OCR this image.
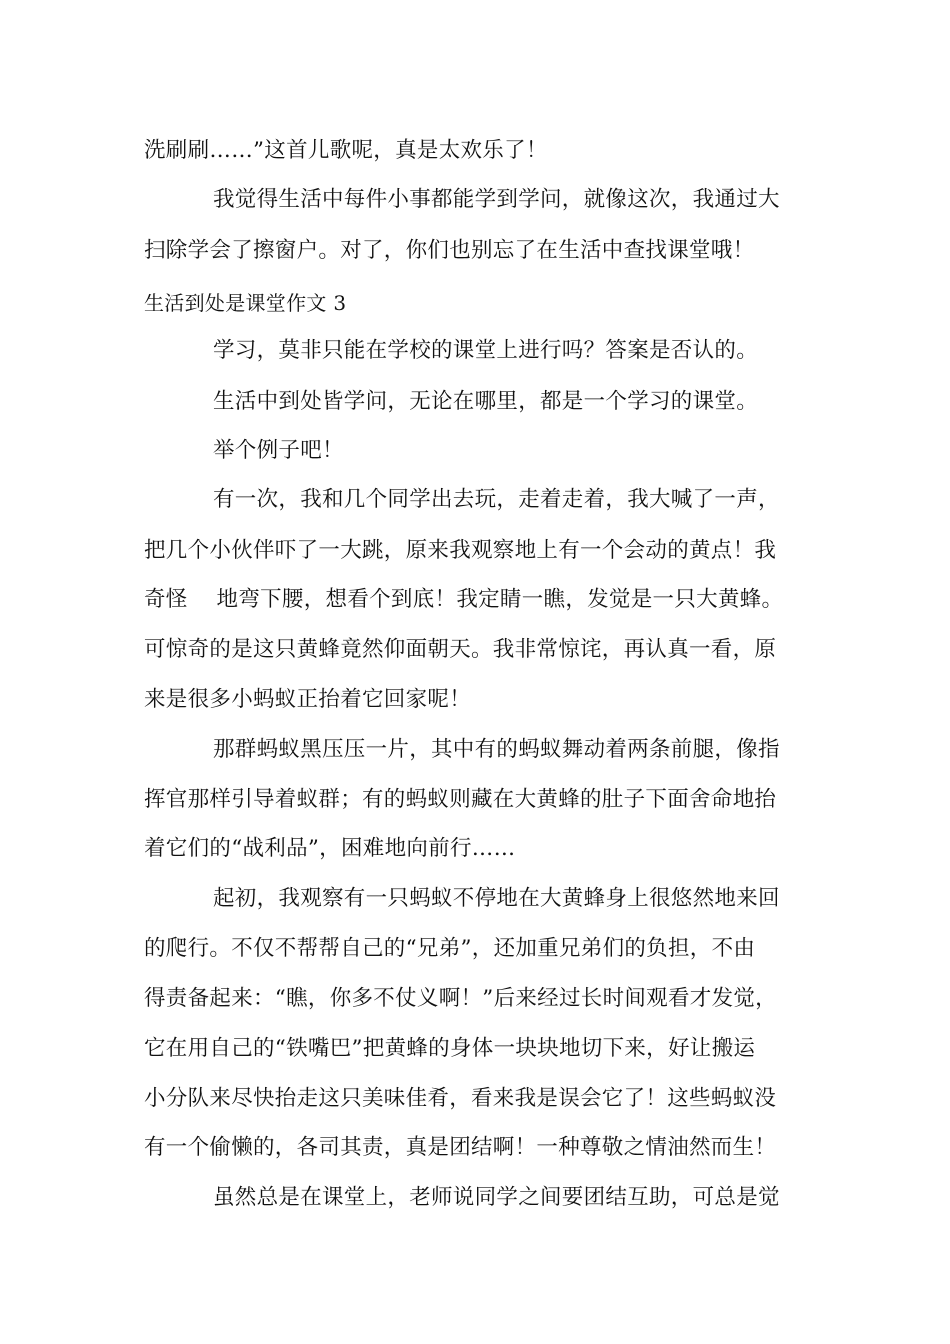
洗刷刷……”这首儿歌呢，真是太欢乐了！
我觉得生活中每件小事都能学到学问，就像这次，我通过大
扫除学会了擦窗户。对了，你们也别忘了在生活中查找课堂哦！
生活到处是课堂作文 3
学习，莫非只能在学校的课堂上进行吗？答案是否认的。
生活中到处皆学问，无论在哪里，都是一个学习的课堂。
举个例子吧！
有一次，我和几个同学出去玩，走着走着，我大喊了一声，
把几个小伙伴吓了一大跳，原来我观察地上有一个会动的黄点！我
奇怪　 地弯下腰，想看个到底！我定睛一瞧，发觉是一只大黄蜂。
可惊奇的是这只黄蜂竟然仰面朝天。我非常惊诧，再认真一看，原
来是很多小蚂蚁正抬着它回家呢！
那群蚂蚁黑压压一片，其中有的蚂蚁舞动着两条前腿，像指
挥官那样引导着蚁群；有的蚂蚁则藏在大黄蜂的肚子下面舍命地抬
着它们的“战利品”，困难地向前行……
起初，我观察有一只蚂蚁不停地在大黄蜂身上很悠然地来回
的爬行。不仅不帮帮自己的“兄弟”，还加重兄弟们的负担，不由
得责备起来：“瞧，你多不仗义啊！”后来经过长时间观看才发觉，
它在用自己的“铁嘴巴”把黄蜂的身体一块块地切下来，好让搬运
小分队来尽快抬走这只美味佳肴，看来我是误会它了！这些蚂蚁没
有一个偷懒的，各司其责，真是团结啊！一种尊敬之情油然而生！
虽然总是在课堂上，老师说同学之间要团结互助，可总是觉
